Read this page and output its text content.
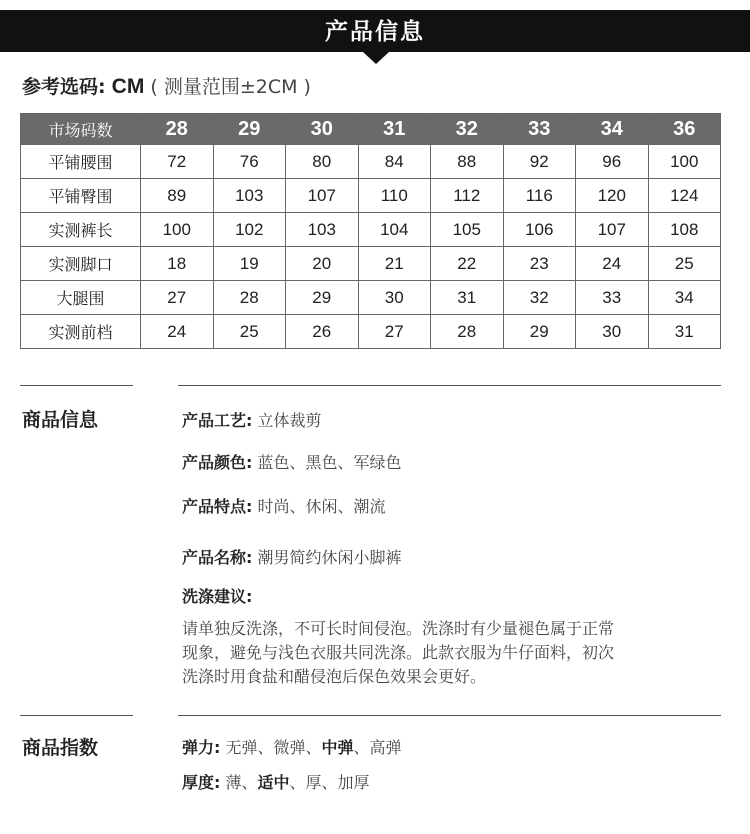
产品信息
参考选码: CM ( 测量范围±2CM )
市场码数	28	29	30	31	32	33	34	36
平铺腰围	72	76	80	84	88	92	96	100
平铺臀围	89	103	107	110	112	116	120	124
实测裤长	100	102	103	104	105	106	107	108
实测脚口	18	19	20	21	22	23	24	25
大腿围	27	28	29	30	31	32	33	34
实测前档	24	25	26	27	28	29	30	31
商品信息	产品工艺: 立体裁剪
产品颜色: 蓝色、黑色、军绿色
产品特点: 时尚、休闲、潮流
产品名称: 潮男简约休闲小脚裤
洗涤建议:
请单独反洗涤，不可长时间侵泡。洗涤时有少量褪色属于正常
现象，避免与浅色衣服共同洗涤。此款衣服为牛仔面料，初次
洗涤时用食盐和醋侵泡后保色效果会更好。
商品指数	弹力: 无弹、微弹、中弹、高弹
厚度: 薄、适中、厚、加厚
